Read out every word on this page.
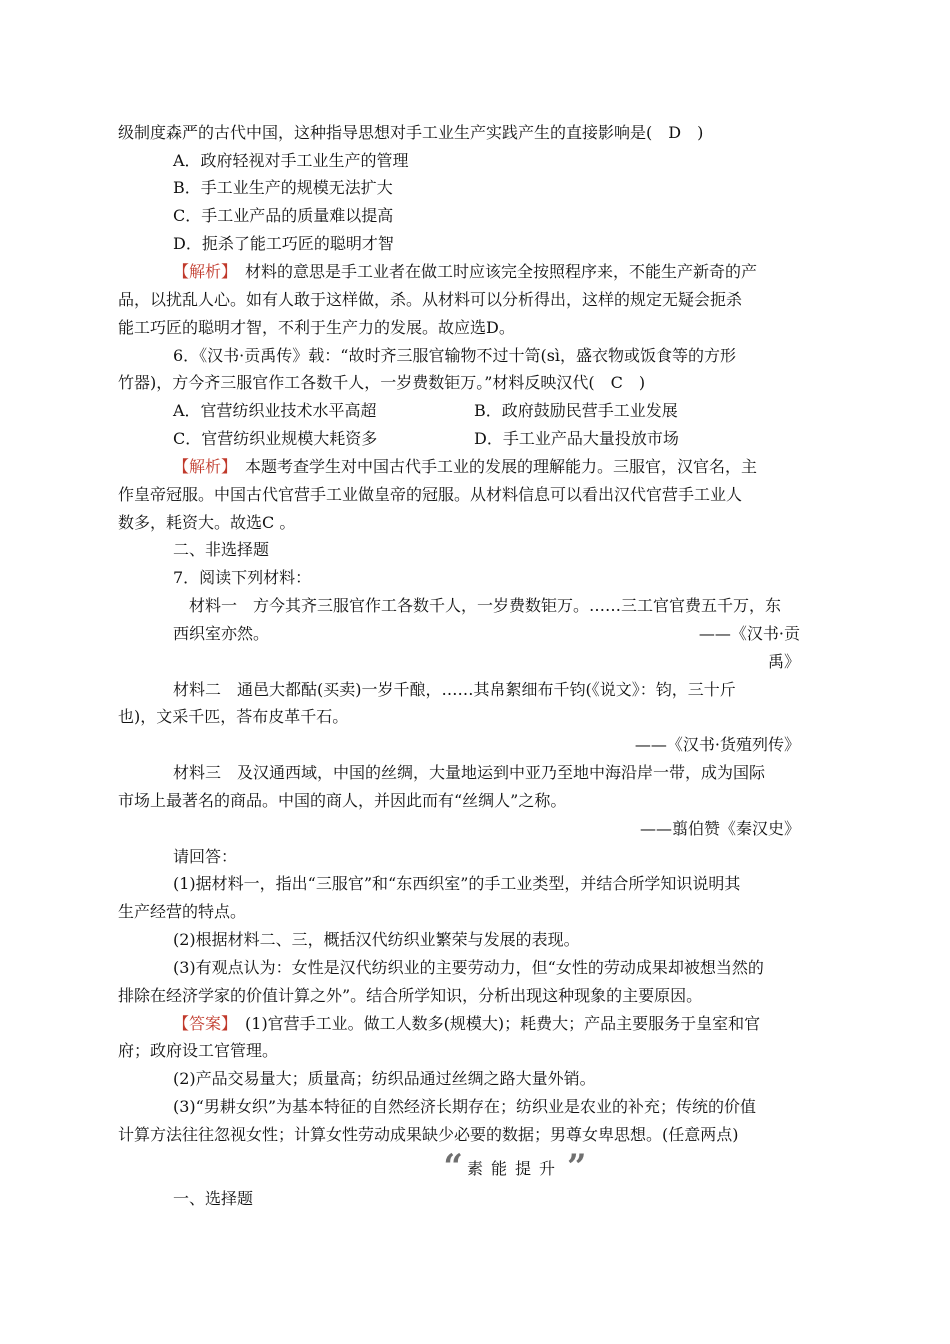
级制度森严的古代中国，这种指导思想对手工业生产实践产生的直接影响是(　D　)
A．政府轻视对手工业生产的管理
B．手工业生产的规模无法扩大
C．手工业产品的质量难以提高
D．扼杀了能工巧匠的聪明才智
【解析】　材料的意思是手工业者在做工时应该完全按照程序来，不能生产新奇的产
品，以扰乱人心。如有人敢于这样做，杀。从材料可以分析得出，这样的规定无疑会扼杀
能工巧匠的聪明才智，不利于生产力的发展。故应选D。
6．《汉书·贡禹传》载：“故时齐三服官输物不过十笥(sì，盛衣物或饭食等的方形
竹器)，方今齐三服官作工各数千人，一岁费数钜万。”材料反映汉代(　C　)
A．官营纺织业技术水平高超	B．政府鼓励民营手工业发展
C．官营纺织业规模大耗资多	D．手工业产品大量投放市场
【解析】　本题考查学生对中国古代手工业的发展的理解能力。三服官，汉官名，主
作皇帝冠服。中国古代官营手工业做皇帝的冠服。从材料信息可以看出汉代官营手工业人
数多，耗资大。故选C 。
二、非选择题
7．阅读下列材料：
材料一　方今其齐三服官作工各数千人，一岁费数钜万。……三工官官费五千万，东
西织室亦然。	——《汉书·贡
禹》
材料二　通邑大都酤(买卖)一岁千酿，……其帛絮细布千钧(《说文》：钧，三十斤
也)，文采千匹，荅布皮革千石。
——《汉书·货殖列传》
材料三　及汉通西域，中国的丝绸，大量地运到中亚乃至地中海沿岸一带，成为国际
市场上最著名的商品。中国的商人，并因此而有“丝绸人”之称。
——翦伯赞《秦汉史》
请回答：
(1)据材料一，指出“三服官”和“东西织室”的手工业类型，并结合所学知识说明其
生产经营的特点。
(2)根据材料二、三，概括汉代纺织业繁荣与发展的表现。
(3)有观点认为：女性是汉代纺织业的主要劳动力，但“女性的劳动成果却被想当然的
排除在经济学家的价值计算之外”。结合所学知识，分析出现这种现象的主要原因。
【答案】　(1)官营手工业。做工人数多(规模大)；耗费大；产品主要服务于皇室和官
府；政府设工官管理。
(2)产品交易量大；质量高；纺织品通过丝绸之路大量外销。
(3)“男耕女织”为基本特征的自然经济长期存在；纺织业是农业的补充；传统的价值
计算方法往往忽视女性；计算女性劳动成果缺少必要的数据；男尊女卑思想。(任意两点)
“ 素能提升 ”
一、选择题
